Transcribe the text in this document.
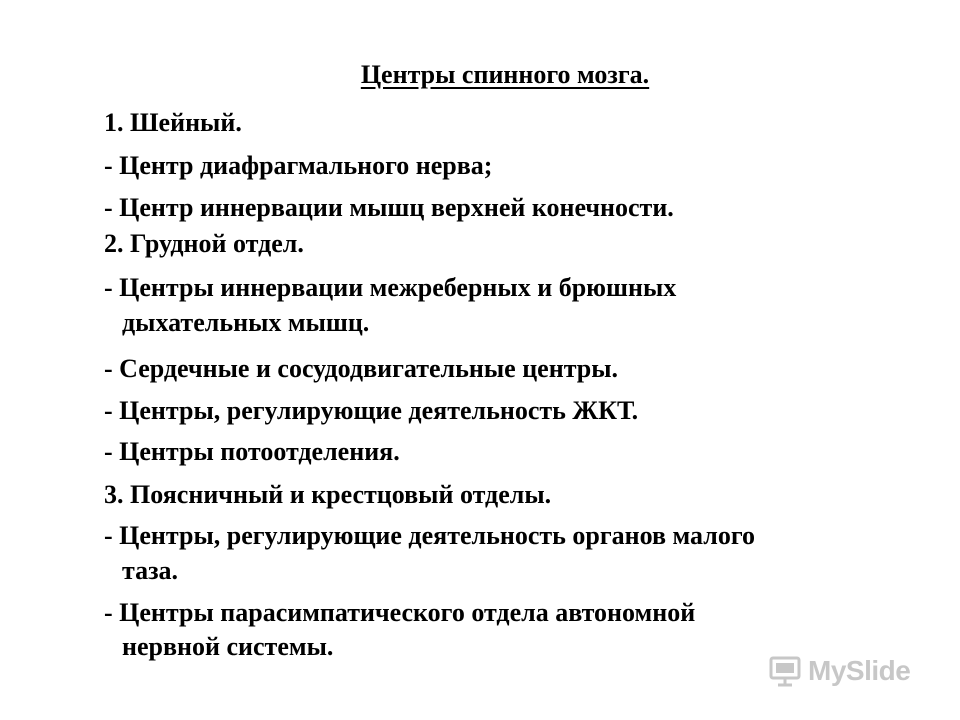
Центры спинного мозга.
1. Шейный.
- Центр диафрагмального нерва;
- Центр иннервации мышц верхней конечности.
2. Грудной отдел.
- Центры иннервации межреберных и брюшных
дыхательных мышц.
- Сердечные и сосудодвигательные центры.
- Центры, регулирующие деятельность ЖКТ.
- Центры потоотделения.
3. Поясничный и крестцовый отделы.
- Центры, регулирующие деятельность органов малого
таза.
- Центры парасимпатического отдела автономной
нервной системы.
MySlide
